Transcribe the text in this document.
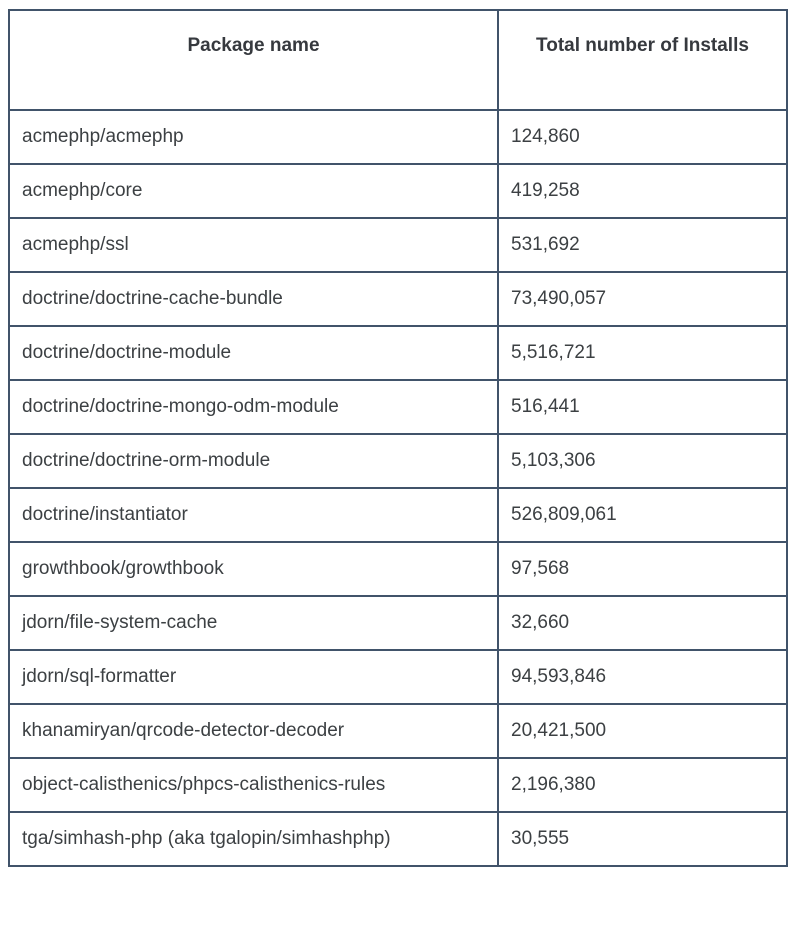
Package name	Total number of Installs
acmephp/acmephp	124,860
acmephp/core	419,258
acmephp/ssl	531,692
doctrine/doctrine-cache-bundle	73,490,057
doctrine/doctrine-module	5,516,721
doctrine/doctrine-mongo-odm-module	516,441
doctrine/doctrine-orm-module	5,103,306
doctrine/instantiator	526,809,061
growthbook/growthbook	97,568
jdorn/file-system-cache	32,660
jdorn/sql-formatter	94,593,846
khanamiryan/qrcode-detector-decoder	20,421,500
object-calisthenics/phpcs-calisthenics-rules	2,196,380
tga/simhash-php (aka tgalopin/simhashphp)	30,555
